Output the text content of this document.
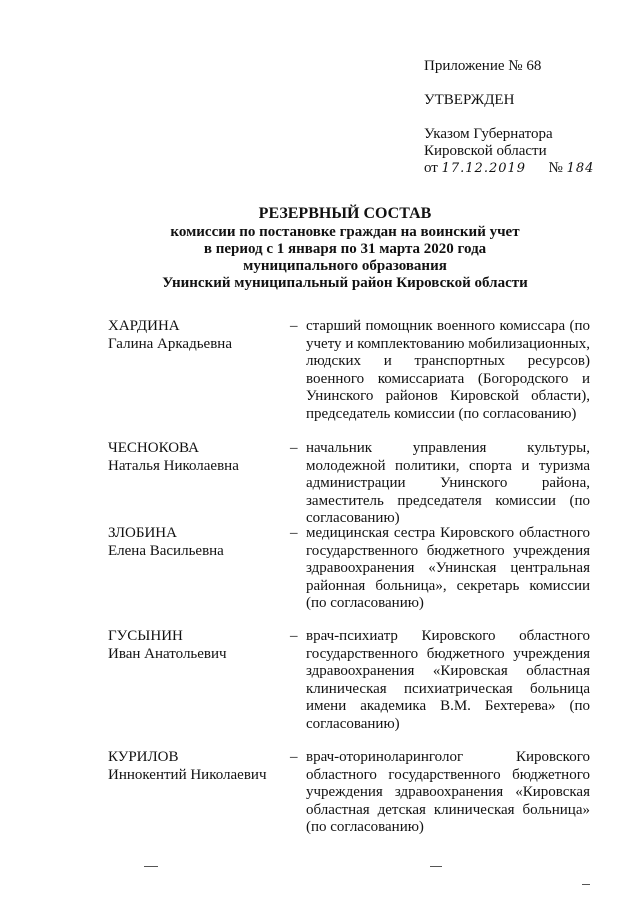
Приложение № 68
УТВЕРЖДЕН
Указом Губернатора
Кировской области
от 17.12.2019 № 184
РЕЗЕРВНЫЙ СОСТАВ
комиссии по постановке граждан на воинский учет
в период с 1 января по 31 марта 2020 года
муниципального образования
Унинский муниципальный район Кировской области
ХАРДИНА
Галина Аркадьевна
– старший помощник военного комиссара (по учету и комплектованию мобилизационных, людских и транспортных ресурсов) военного комиссариата (Богородского и Унинского районов Кировской области), председатель комиссии (по согласованию)
ЧЕСНОКОВА
Наталья Николаевна
– начальник управления культуры, молодежной политики, спорта и туризма администрации Унинского района, заместитель председателя комиссии (по согласованию)
ЗЛОБИНА
Елена Васильевна
– медицинская сестра Кировского областного государственного бюджетного учреждения здравоохранения «Унинская центральная районная больница», секретарь комиссии (по согласованию)
ГУСЫНИН
Иван Анатольевич
– врач-психиатр Кировского областного государственного бюджетного учреждения здравоохранения «Кировская областная клиническая психиатрическая больница имени академика В.М. Бехтерева» (по согласованию)
КУРИЛОВ
Иннокентий Николаевич
– врач-оториноларинголог Кировского областного государственного бюджетного учреждения здравоохранения «Кировская областная детская клиническая больница» (по согласованию)
